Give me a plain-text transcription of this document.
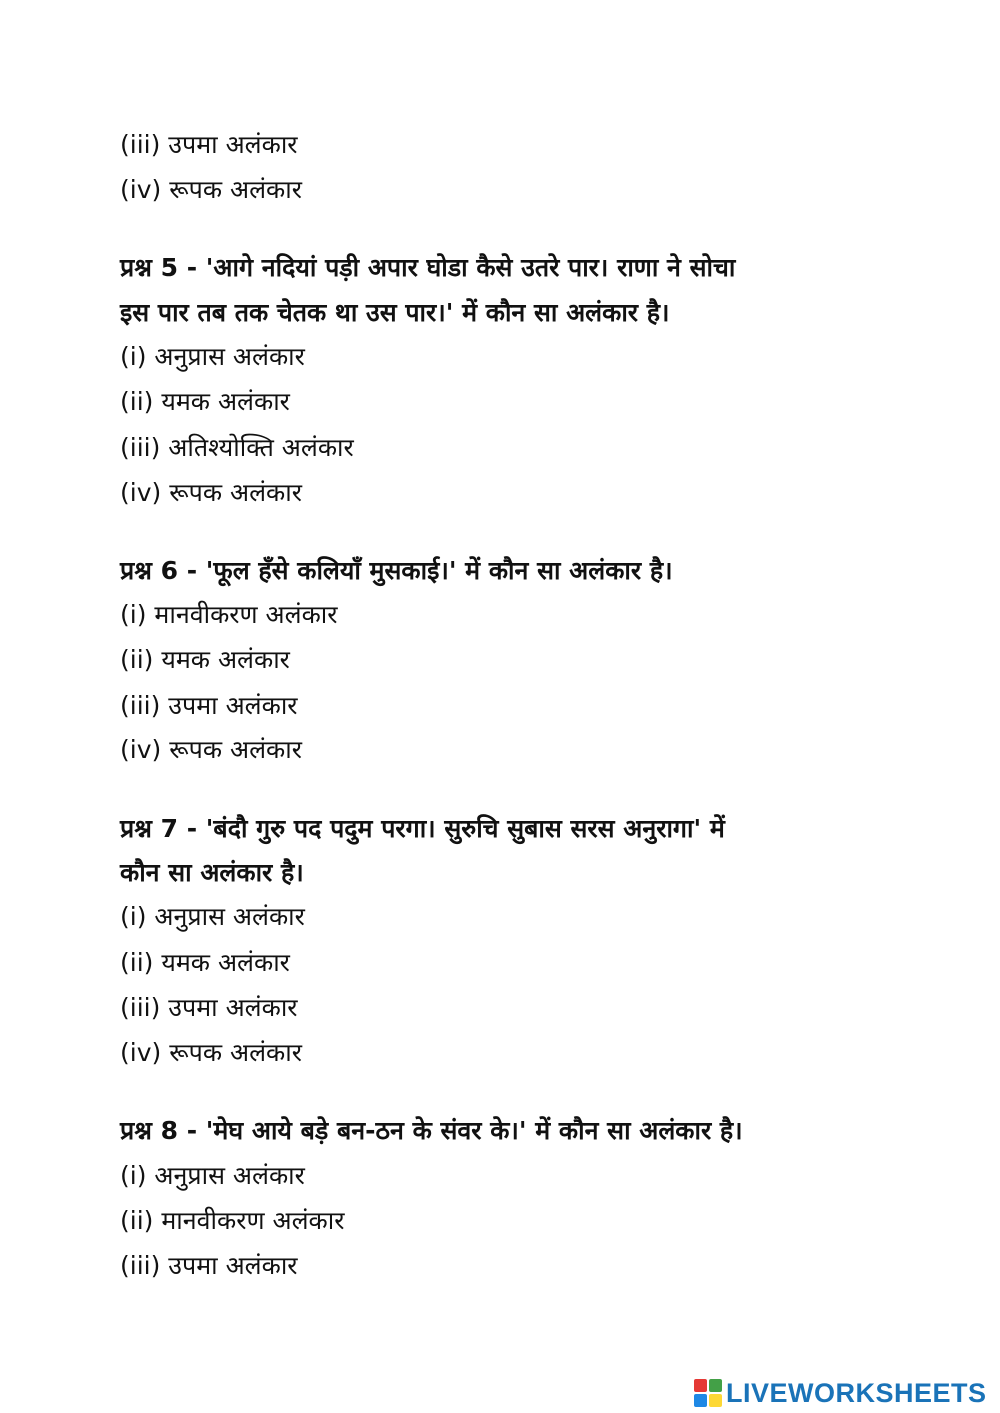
(iii) उपमा अलंकार
(iv) रूपक अलंकार
प्रश्न 5 - 'आगे नदियां पड़ी अपार घोडा कैसे उतरे पार। राणा ने सोचा
इस पार तब तक चेतक था उस पार।' में कौन सा अलंकार है।
(i) अनुप्रास अलंकार
(ii) यमक अलंकार
(iii) अतिश्योक्ति अलंकार
(iv) रूपक अलंकार
प्रश्न 6 - 'फूल हँसे कलियाँ मुसकाई।' में कौन सा अलंकार है।
(i) मानवीकरण अलंकार
(ii) यमक अलंकार
(iii) उपमा अलंकार
(iv) रूपक अलंकार
प्रश्न 7 - 'बंदौ गुरु पद पदुम परगा। सुरुचि सुबास सरस अनुरागा' में
कौन सा अलंकार है।
(i) अनुप्रास अलंकार
(ii) यमक अलंकार
(iii) उपमा अलंकार
(iv) रूपक अलंकार
प्रश्न 8 - 'मेघ आये बड़े बन-ठन के संवर के।' में कौन सा अलंकार है।
(i) अनुप्रास अलंकार
(ii) मानवीकरण अलंकार
(iii) उपमा अलंकार
LIVEWORKSHEETS
